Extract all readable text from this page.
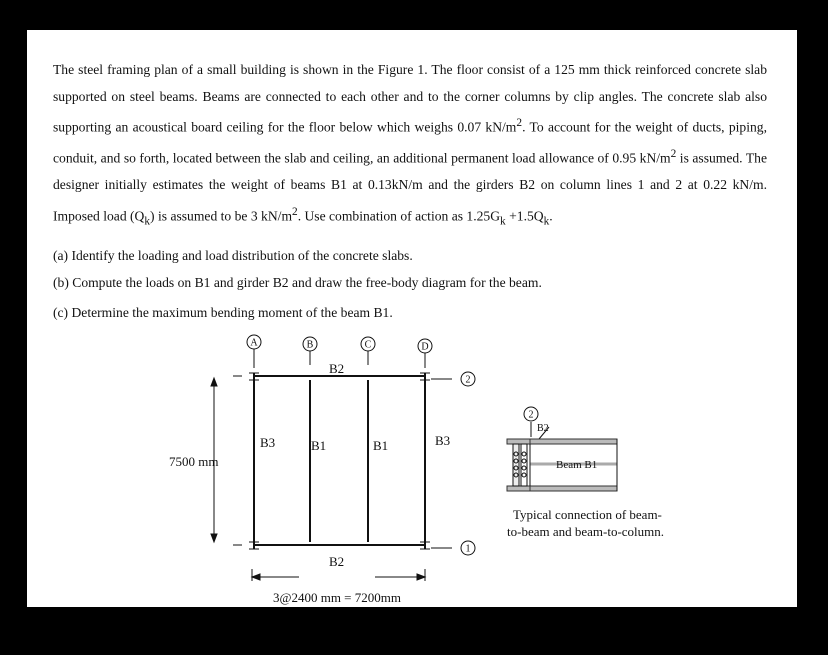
The steel framing plan of a small building is shown in the Figure 1. The floor consist of a 125 mm thick reinforced concrete slab supported on steel beams. Beams are connected to each other and to the corner columns by clip angles. The concrete slab also supporting an acoustical board ceiling for the floor below which weighs 0.07 $kN/m^2$. To account for the weight of ducts, piping, conduit, and so forth, located between the slab and ceiling, an additional permanent load allowance of 0.95 $kN/m^2$ is assumed. The designer initially estimates the weight of beams B1 at 0.13kN/m and the girders B2 on column lines 1 and 2 at 0.22 kN/m. Imposed load $(Q_k)$ is assumed to be 3 $kN/m^2$. Use combination of action as $1.25G_k +1.5Q_k$.

(a) Identify the loading and load distribution of the concrete slabs.

(b) Compute the loads on B1 and girder B2 and draw the free-body diagram for the beam.

(c) Determine the maximum bending moment of the beam B1.

A	B	C	D
2
1
2
B2
B2
B3	B3
B1	B1
7500 mm
3@2400 mm = 7200mm
Typical connection of beam-
to-beam and beam-to-column.
B2
Beam B1
